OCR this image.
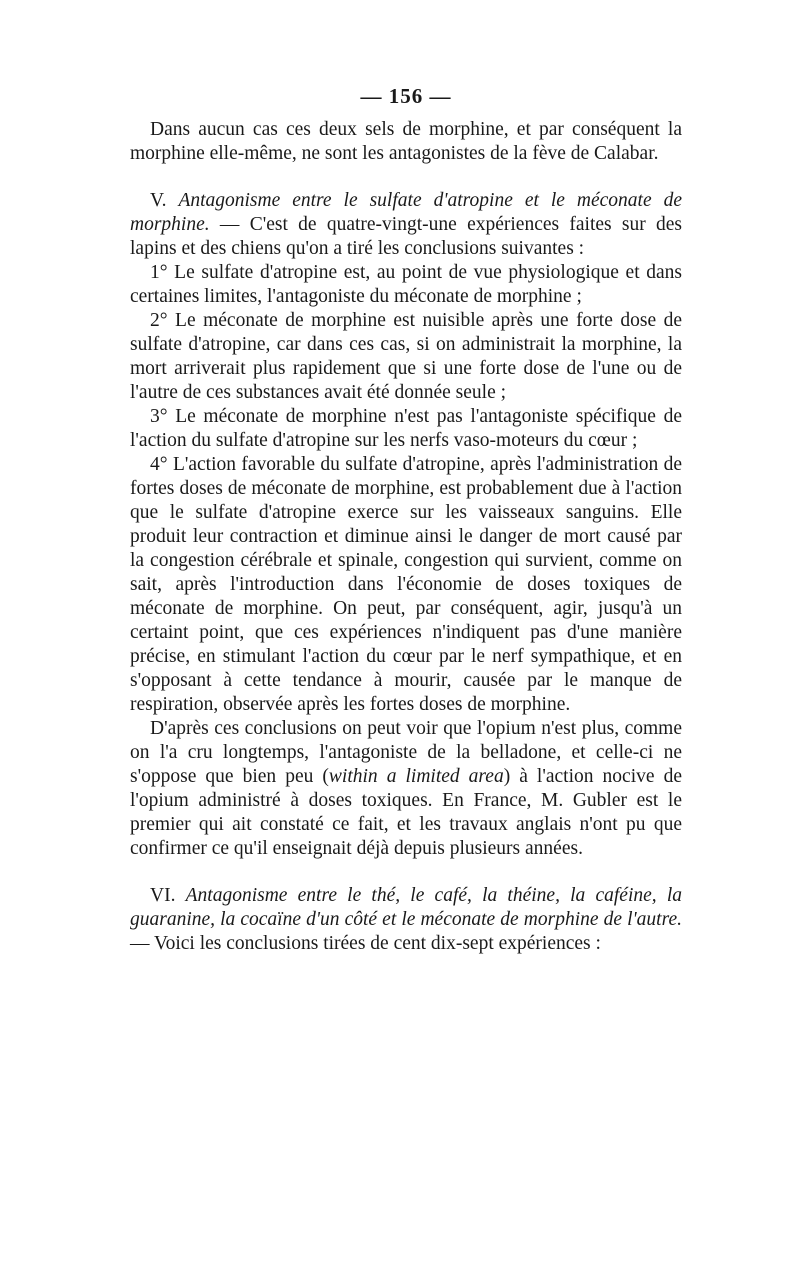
— 156 —

Dans aucun cas ces deux sels de morphine, et par conséquent la morphine elle-même, ne sont les antagonistes de la fève de Calabar.

V. Antagonisme entre le sulfate d'atropine et le méconate de morphine. — C'est de quatre-vingt-une expériences faites sur des lapins et des chiens qu'on a tiré les conclusions suivantes :

1° Le sulfate d'atropine est, au point de vue physiologique et dans certaines limites, l'antagoniste du méconate de morphine ;

2° Le méconate de morphine est nuisible après une forte dose de sulfate d'atropine, car dans ces cas, si on administrait la morphine, la mort arriverait plus rapidement que si une forte dose de l'une ou de l'autre de ces substances avait été donnée seule ;

3° Le méconate de morphine n'est pas l'antagoniste spécifique de l'action du sulfate d'atropine sur les nerfs vaso-moteurs du cœur ;

4° L'action favorable du sulfate d'atropine, après l'administration de fortes doses de méconate de morphine, est probablement due à l'action que le sulfate d'atropine exerce sur les vaisseaux sanguins. Elle produit leur contraction et diminue ainsi le danger de mort causé par la congestion cérébrale et spinale, congestion qui survient, comme on sait, après l'introduction dans l'économie de doses toxiques de méconate de morphine. On peut, par conséquent, agir, jusqu'à un certaint point, que ces expériences n'indiquent pas d'une manière précise, en stimulant l'action du cœur par le nerf sympathique, et en s'opposant à cette tendance à mourir, causée par le manque de respiration, observée après les fortes doses de morphine.

D'après ces conclusions on peut voir que l'opium n'est plus, comme on l'a cru longtemps, l'antagoniste de la belladone, et celle-ci ne s'oppose que bien peu (within a limited area) à l'action nocive de l'opium administré à doses toxiques. En France, M. Gubler est le premier qui ait constaté ce fait, et les travaux anglais n'ont pu que confirmer ce qu'il enseignait déjà depuis plusieurs années.

VI. Antagonisme entre le thé, le café, la théine, la caféine, la guaranine, la cocaïne d'un côté et le méconate de morphine de l'autre. — Voici les conclusions tirées de cent dix-sept expériences :
